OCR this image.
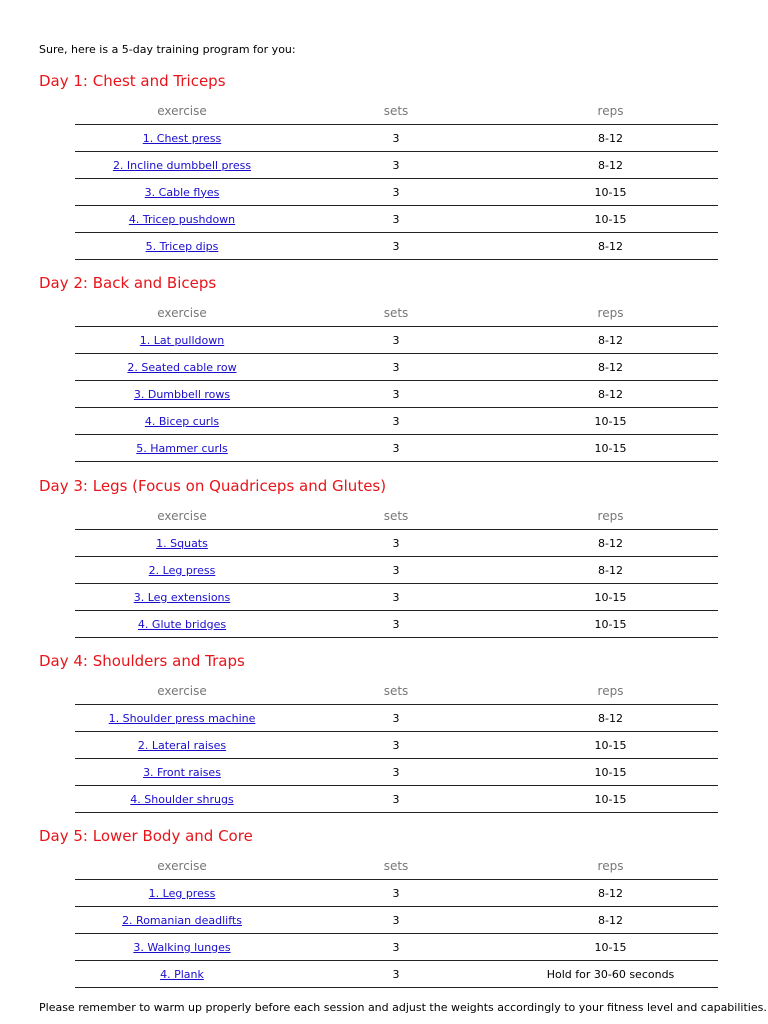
Sure, here is a 5-day training program for you:
Day 1: Chest and Triceps
exercise	sets	reps
1. Chest press	3	8-12
2. Incline dumbbell press	3	8-12
3. Cable flyes	3	10-15
4. Tricep pushdown	3	10-15
5. Tricep dips	3	8-12
Day 2: Back and Biceps
exercise	sets	reps
1. Lat pulldown	3	8-12
2. Seated cable row	3	8-12
3. Dumbbell rows	3	8-12
4. Bicep curls	3	10-15
5. Hammer curls	3	10-15
Day 3: Legs (Focus on Quadriceps and Glutes)
exercise	sets	reps
1. Squats	3	8-12
2. Leg press	3	8-12
3. Leg extensions	3	10-15
4. Glute bridges	3	10-15
Day 4: Shoulders and Traps
exercise	sets	reps
1. Shoulder press machine	3	8-12
2. Lateral raises	3	10-15
3. Front raises	3	10-15
4. Shoulder shrugs	3	10-15
Day 5: Lower Body and Core
exercise	sets	reps
1. Leg press	3	8-12
2. Romanian deadlifts	3	8-12
3. Walking lunges	3	10-15
4. Plank	3	Hold for 30-60 seconds
Please remember to warm up properly before each session and adjust the weights accordingly to your fitness level and capabilities.
